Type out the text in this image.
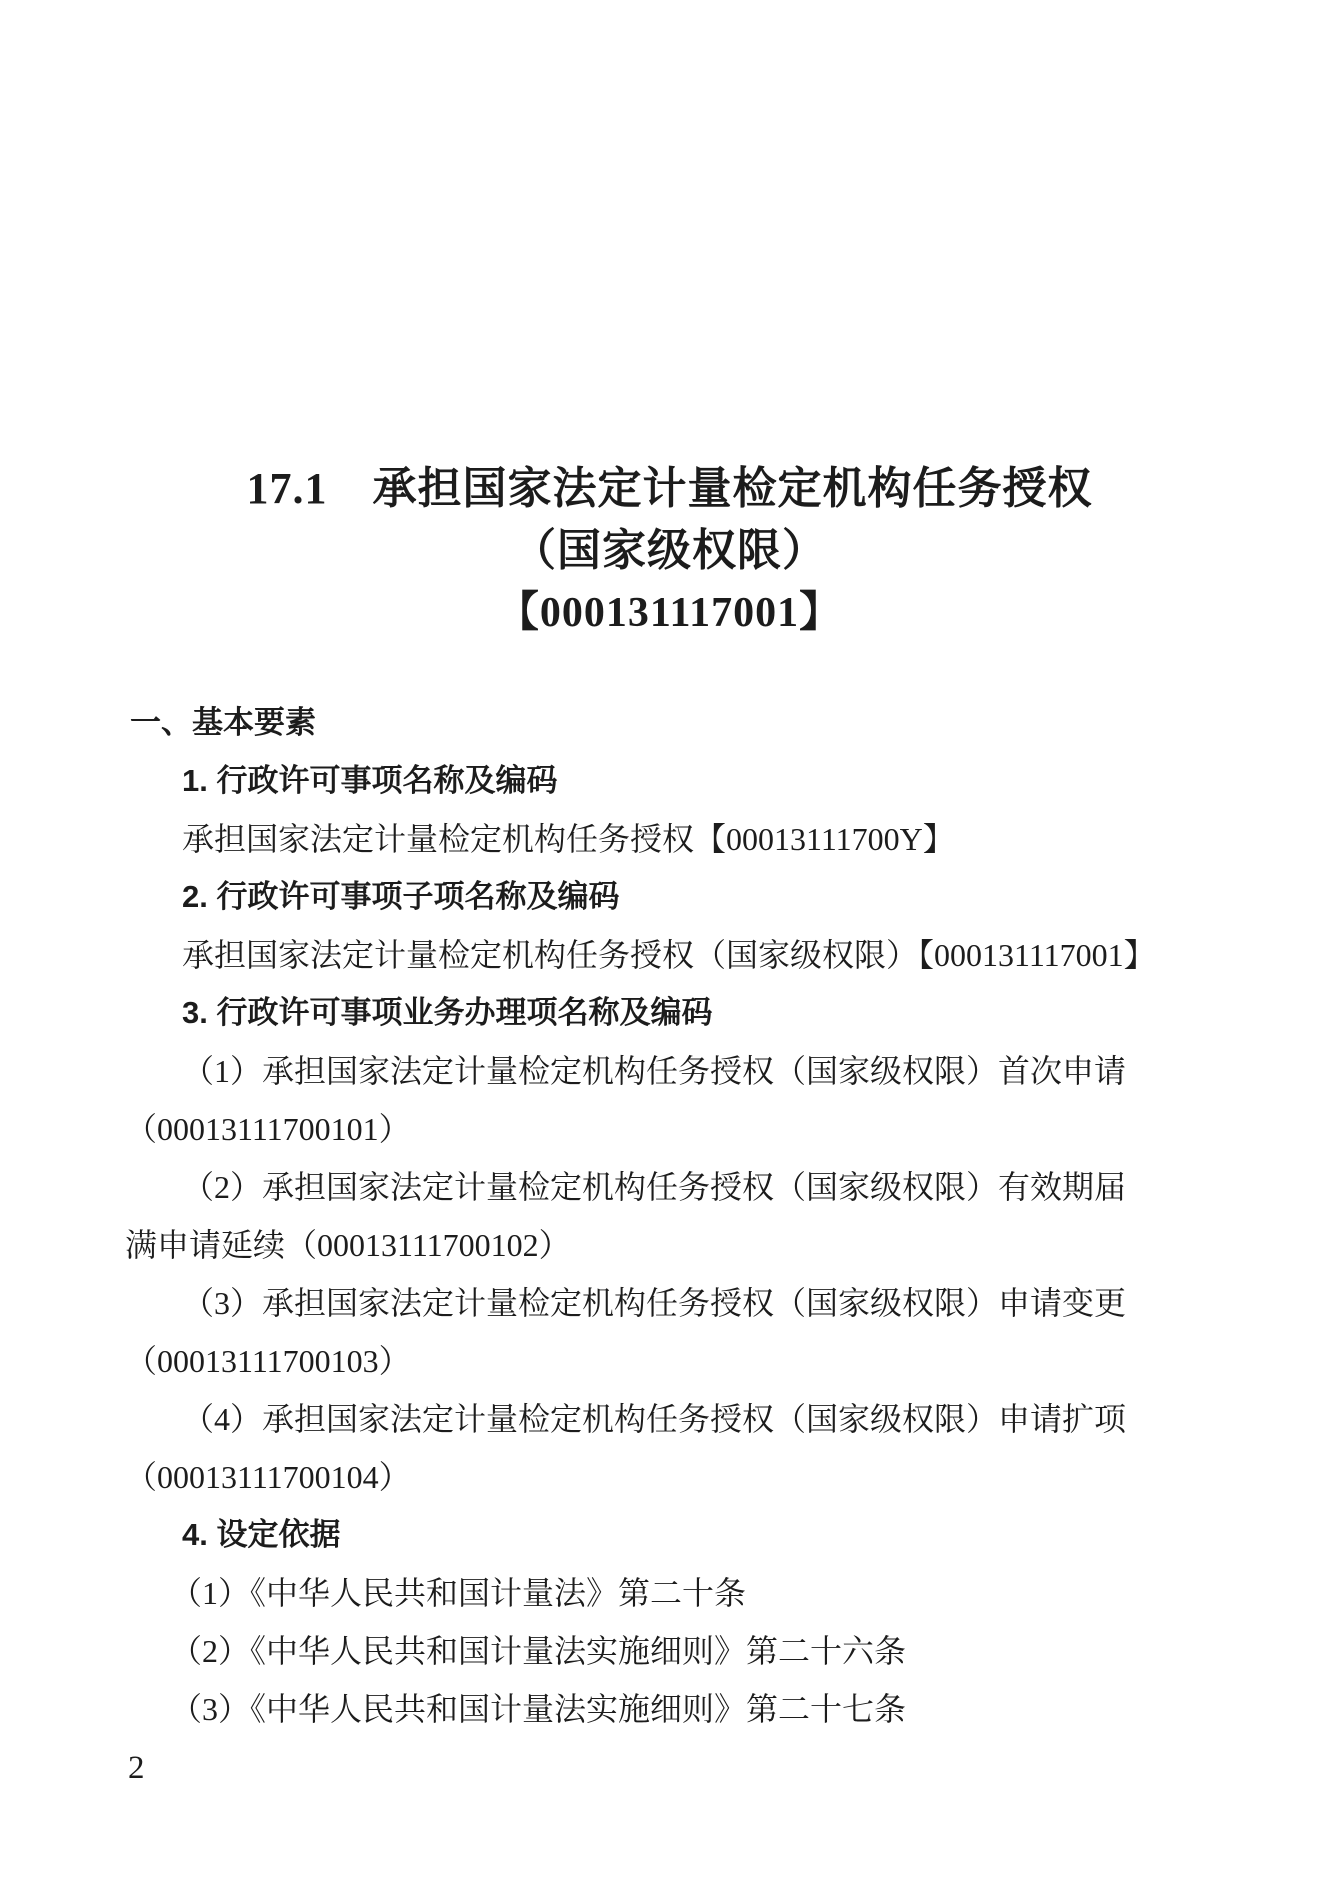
17.1　承担国家法定计量检定机构任务授权
（国家级权限）
【000131117001】
一、基本要素
1. 行政许可事项名称及编码
承担国家法定计量检定机构任务授权【00013111700Y】
2. 行政许可事项子项名称及编码
承担国家法定计量检定机构任务授权（国家级权限）【000131117001】
3. 行政许可事项业务办理项名称及编码
（1）承担国家法定计量检定机构任务授权（国家级权限）首次申请
（00013111700101）
（2）承担国家法定计量检定机构任务授权（国家级权限）有效期届
满申请延续（00013111700102）
（3）承担国家法定计量检定机构任务授权（国家级权限）申请变更
（00013111700103）
（4）承担国家法定计量检定机构任务授权（国家级权限）申请扩项
（00013111700104）
4. 设定依据
（1）《中华人民共和国计量法》第二十条
（2）《中华人民共和国计量法实施细则》第二十六条
（3）《中华人民共和国计量法实施细则》第二十七条
2
